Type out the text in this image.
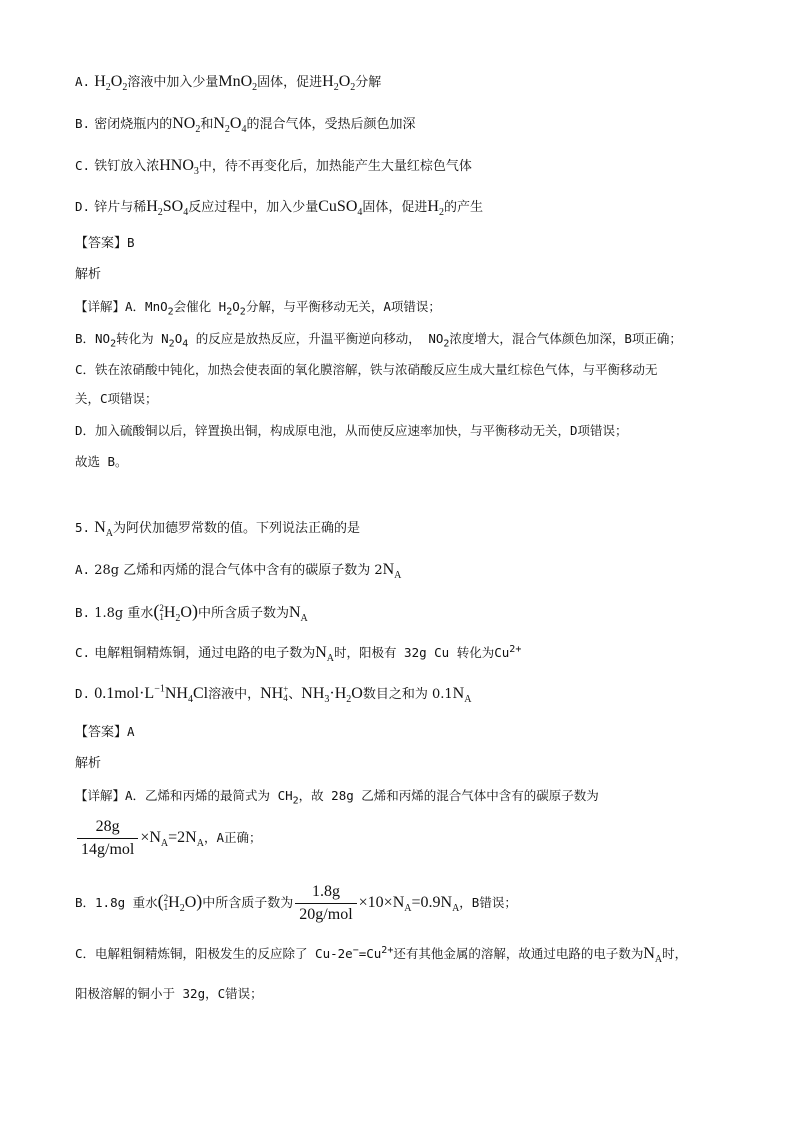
A. $H_2O_2$溶液中加入少量MnO$_2$固体，促进$H_2O_2$分解
B. 密闭烧瓶内的$NO_2$和$N_2O_4$的混合气体，受热后颜色加深
C. 铁钉放入浓$HNO_3$中，待不再变化后，加热能产生大量红棕色气体
D. 锌片与稀$H_2SO_4$反应过程中，加入少量CuSO$_4$固体，促进$H_2$的产生
【答案】B
解析
【详解】A．MnO$_2$会催化 $H_2O_2$分解，与平衡移动无关，A项错误；
B．$NO_2$转化为 $N_2O_4$ 的反应是放热反应，升温平衡逆向移动， $NO_2$浓度增大，混合气体颜色加深，B项正确；
C．铁在浓硝酸中钝化，加热会使表面的氧化膜溶解，铁与浓硝酸反应生成大量红棕色气体，与平衡移动无
关，C项错误；
D．加入硫酸铜以后，锌置换出铜，构成原电池，从而使反应速率加快，与平衡移动无关，D项错误；
故选 B。
5. $N_A$为阿伏加德罗常数的值。下列说法正确的是
A. 28g 乙烯和丙烯的混合气体中含有的碳原子数为 $2N_A$
B. 1.8g 重水( 2
1 $H_2O$)中所含质子数为$N_A$
C. 电解粗铜精炼铜，通过电路的电子数为$N_A$时，阳极有 32g Cu 转化为$Cu^{2+}$
D. $0.1mol\cdot L^{-1}NH_4Cl$溶液中，NH +
4 、$NH_3\cdot H_2O$数目之和为 $0.1N_A$
【答案】A
解析
【详解】A．乙烯和丙烯的最简式为 $CH_2$，故 28g 乙烯和丙烯的混合气体中含有的碳原子数为
$\frac{28g}{\text{14g/mol}} \times N_A=2N_A$，A正确；
B．1.8g 重水( 2
1 $H_2O$)中所含质子数为 $\frac{1.8g}{\text{20g/mol}} \times 10\times N_A=0.9N_A$，B错误；
C．电解粗铜精炼铜，阳极发生的反应除了 $Cu-2e^-=Cu^{2+}$还有其他金属的溶解，故通过电路的电子数为$N_A$时，
阳极溶解的铜小于 32g，C错误；
